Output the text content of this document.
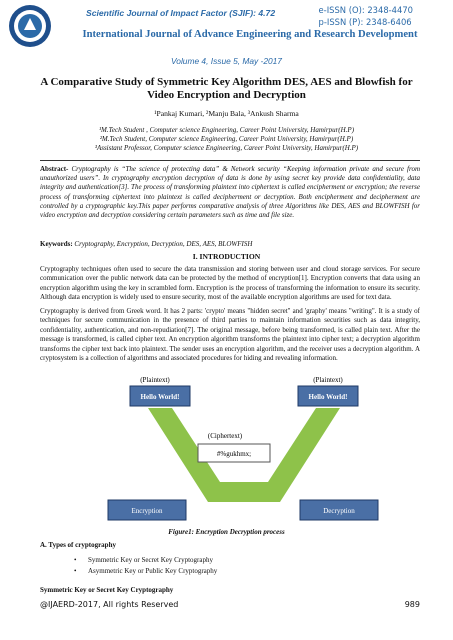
Scientific Journal of Impact Factor (SJIF): 4.72	e-ISSN (O): 2348-4470
p-ISSN (P): 2348-6406
International Journal of Advance Engineering and Research Development
Volume 4, Issue 5, May -2017
A Comparative Study of Symmetric Key Algorithm DES, AES and Blowfish for Video Encryption and Decryption
¹Pankaj Kumari, ²Manju Bala, ³Ankush Sharma
¹M.Tech Student , Computer science Engineering, Career Point University, Hamirpur(H.P)
²M.Tech Student, Computer science Engineering, Career Point University, Hamirpur(H.P)
³Assistant Professor, Computer science Engineering, Career Point University, Hamirpur(H.P)
Abstract- Cryptography is “The science of protecting data” & Network security “Keeping information private and secure from unauthorized users”. In cryptography encryption decryption of data is done by using secret key provide data confidentiality, data integrity and authentication[3]. The process of transforming plaintext into ciphertext is called encipherment or encryption; the reverse process of transforming ciphertext into plaintext is called decipherment or decryption. Both encipherment and decipherment are controlled by a cryptographic key.This paper performs comparative analysis of three Algorithms like DES, AES and BLOWFISH for video encryption and decryption considering certain parameters such as time and file size.
Keywords: Cryptography, Encryption, Decryption, DES, AES, BLOWFISH
I. INTRODUCTION

Cryptography techniques often used to secure the data transmission and storing between user and cloud storage services. For secure communication over the public network data can be protected by the method of encryption[1]. Encryption converts that data using an encryption algorithm using the key in scrambled form. Encryption is the process of transforming the information to ensure its security. Although data encryption is widely used to ensure security, most of the available encryption algorithms are used for text data.

Cryptography is derived from Greek word. It has 2 parts: 'crypto' means "hidden secret" and 'graphy' means "writing". It is a study of techniques for secure communication in the presence of third parties to maintain information securities such as data integrity, confidentiality, authentication, and non-repudiation[7]. The original message, before being transformed, is called plain text. After the message is transformed, is called cipher text. An encryption algorithm transforms the plaintext into cipher text; a decryption algorithm transforms the cipher text back into plaintext. The sender uses an encryption algorithm, and the receiver uses a decryption algorithm. A cryptosystem is a collection of algorithms and associated procedures for hiding and revealing information.

(Plaintext)	(Plaintext)
Hello World!	Hello World!
(Ciphertext)
#%gukhmx;
Encryption	Decryption
Figure1: Encryption Decryption process
A. Types of cryptography
• Symmetric Key or Secret Key Cryptography
• Asymmetric Key or Public Key Cryptography
Symmetric Key or Secret Key Cryptography
@IJAERD-2017, All rights Reserved	989
